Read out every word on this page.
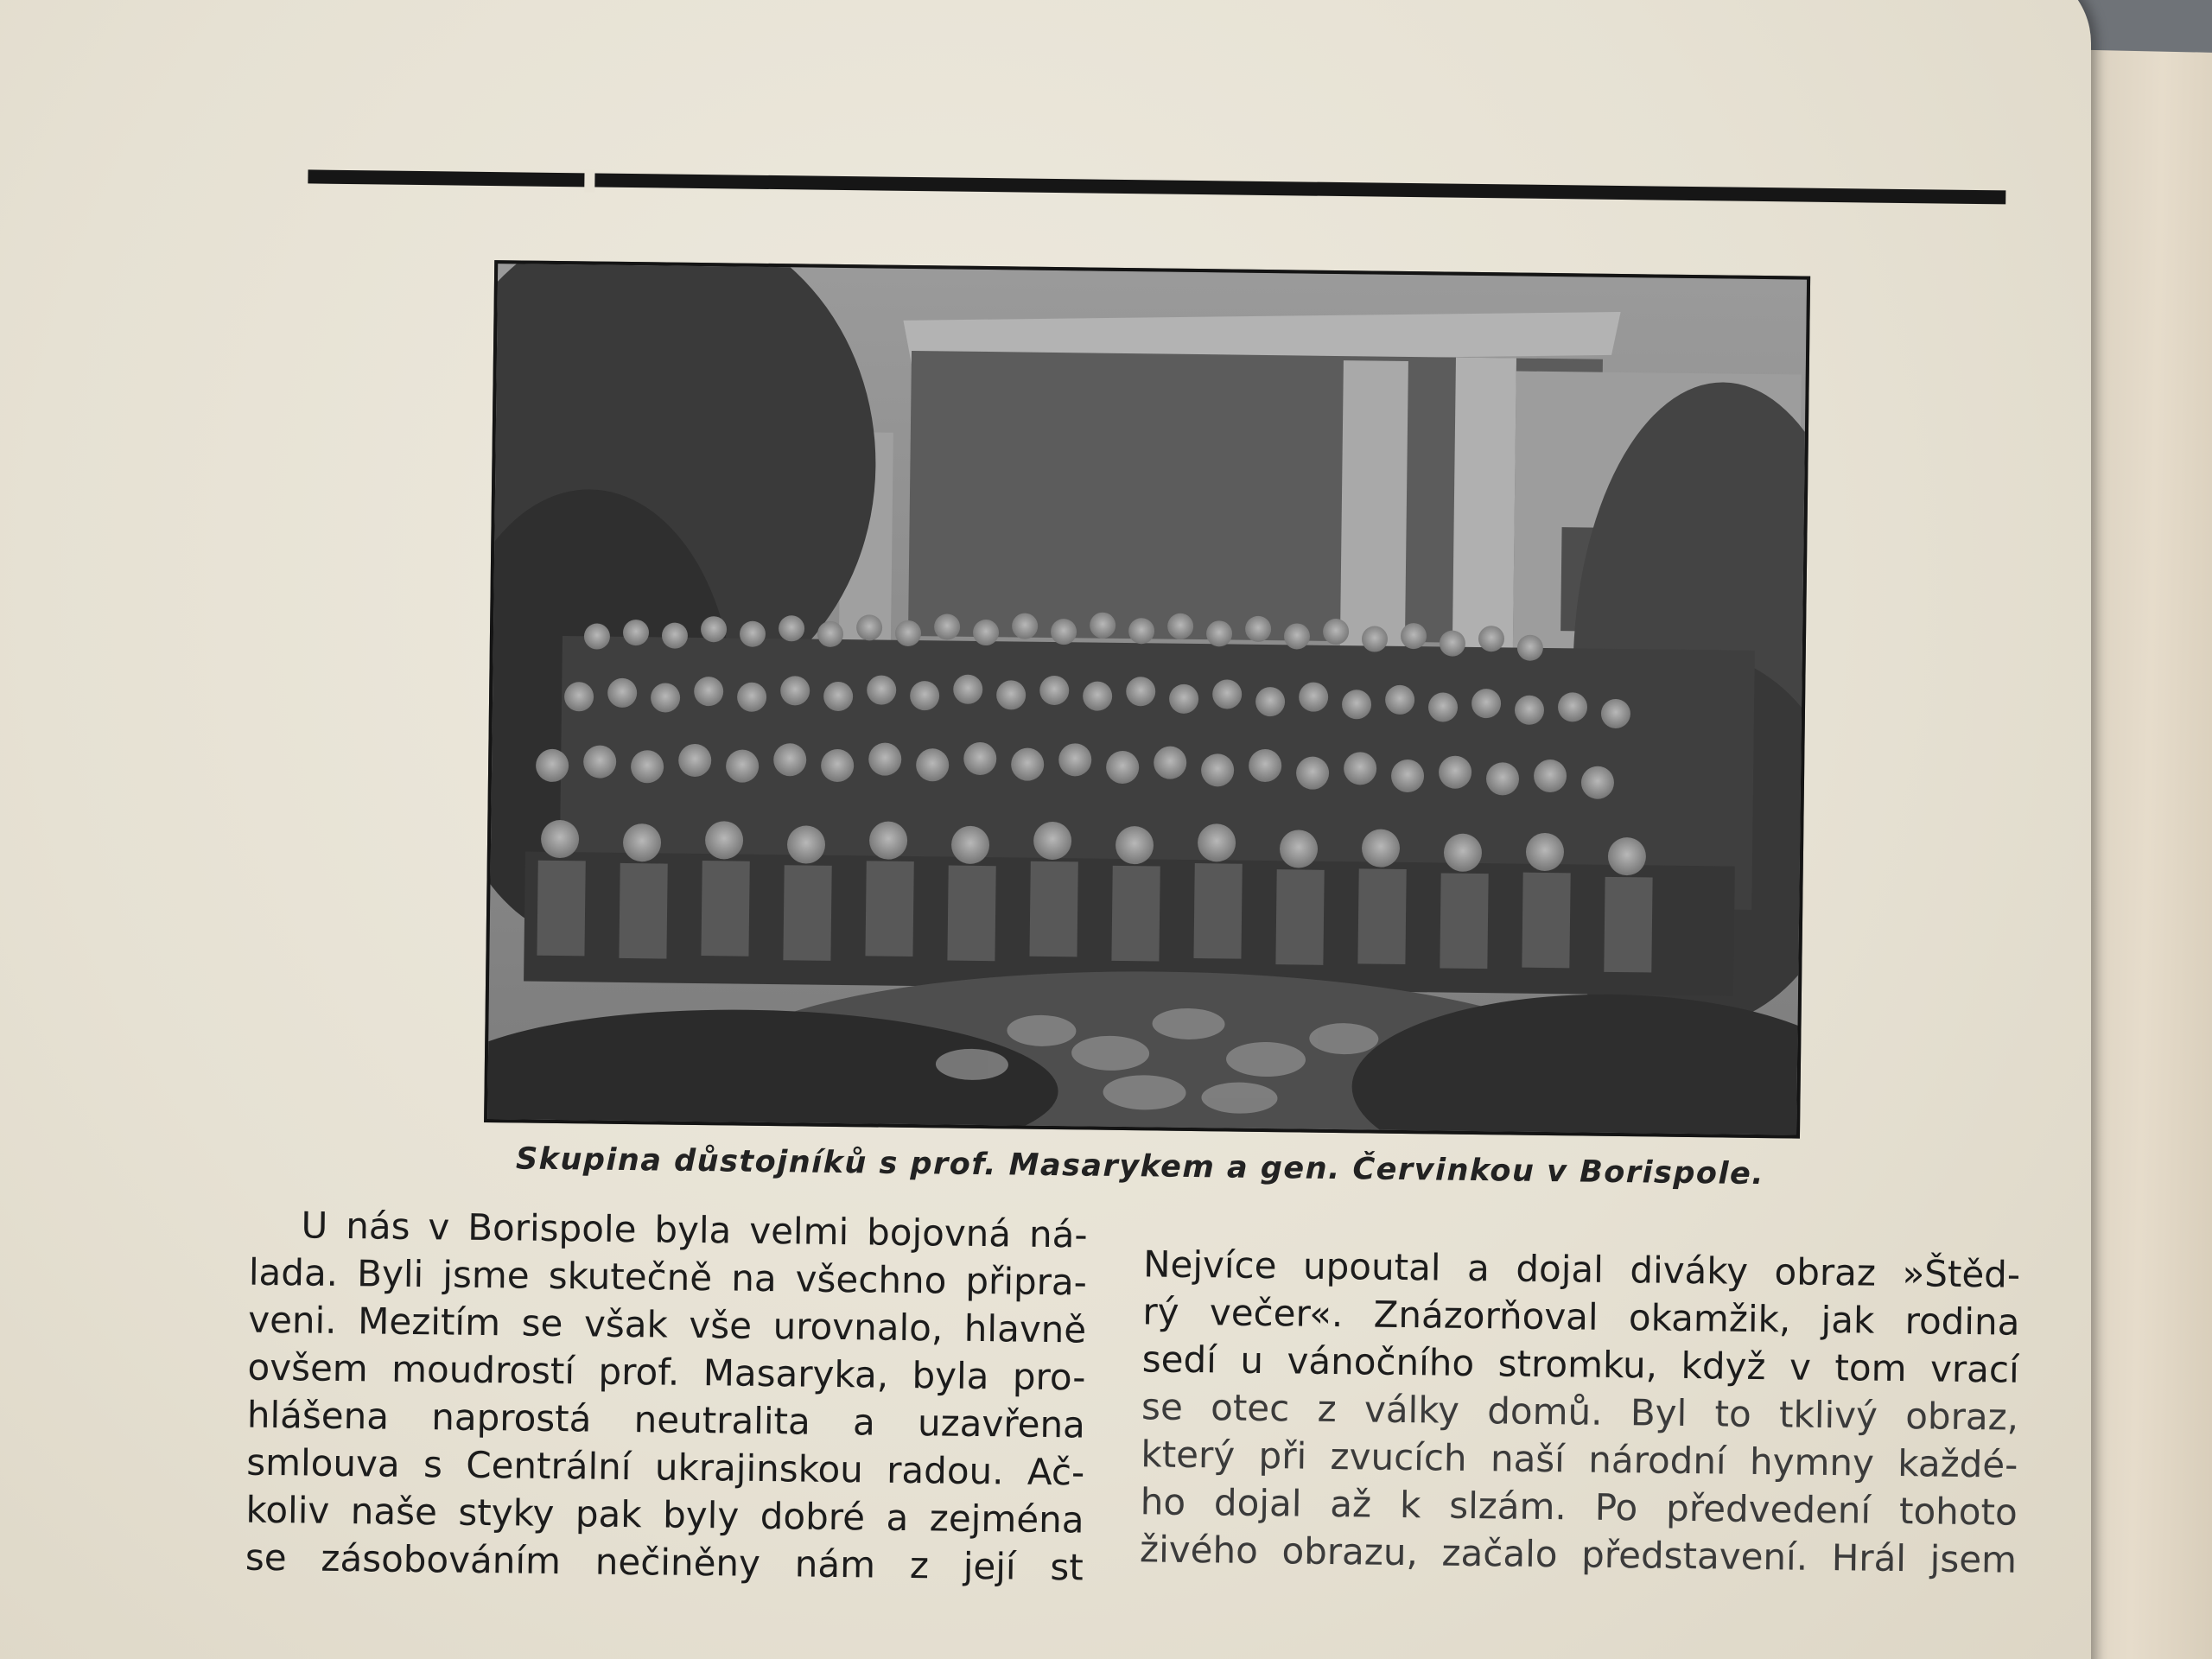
Skupina důstojníků s prof. Masarykem a gen. Červinkou v Borispole.
U nás v Borispole byla velmi bojovná ná-
lada. Byli jsme skutečně na všechno připra-
veni. Mezitím se však vše urovnalo, hlavně
ovšem moudrostí prof. Masaryka, byla pro-
hlášena naprostá neutralita a uzavřena
smlouva s Centrální ukrajinskou radou. Ač-
koliv naše styky pak byly dobré a zejména
se zásobováním nečiněny nám z její st
Nejvíce upoutal a dojal diváky obraz »Štěd-
rý večer«. Znázorňoval okamžik, jak rodina
sedí u vánočního stromku, když v tom vrací
se otec z války domů. Byl to tklivý obraz,
který při zvucích naší národní hymny každé-
ho dojal až k slzám. Po předvedení tohoto
živého obrazu, začalo představení. Hrál jsem
